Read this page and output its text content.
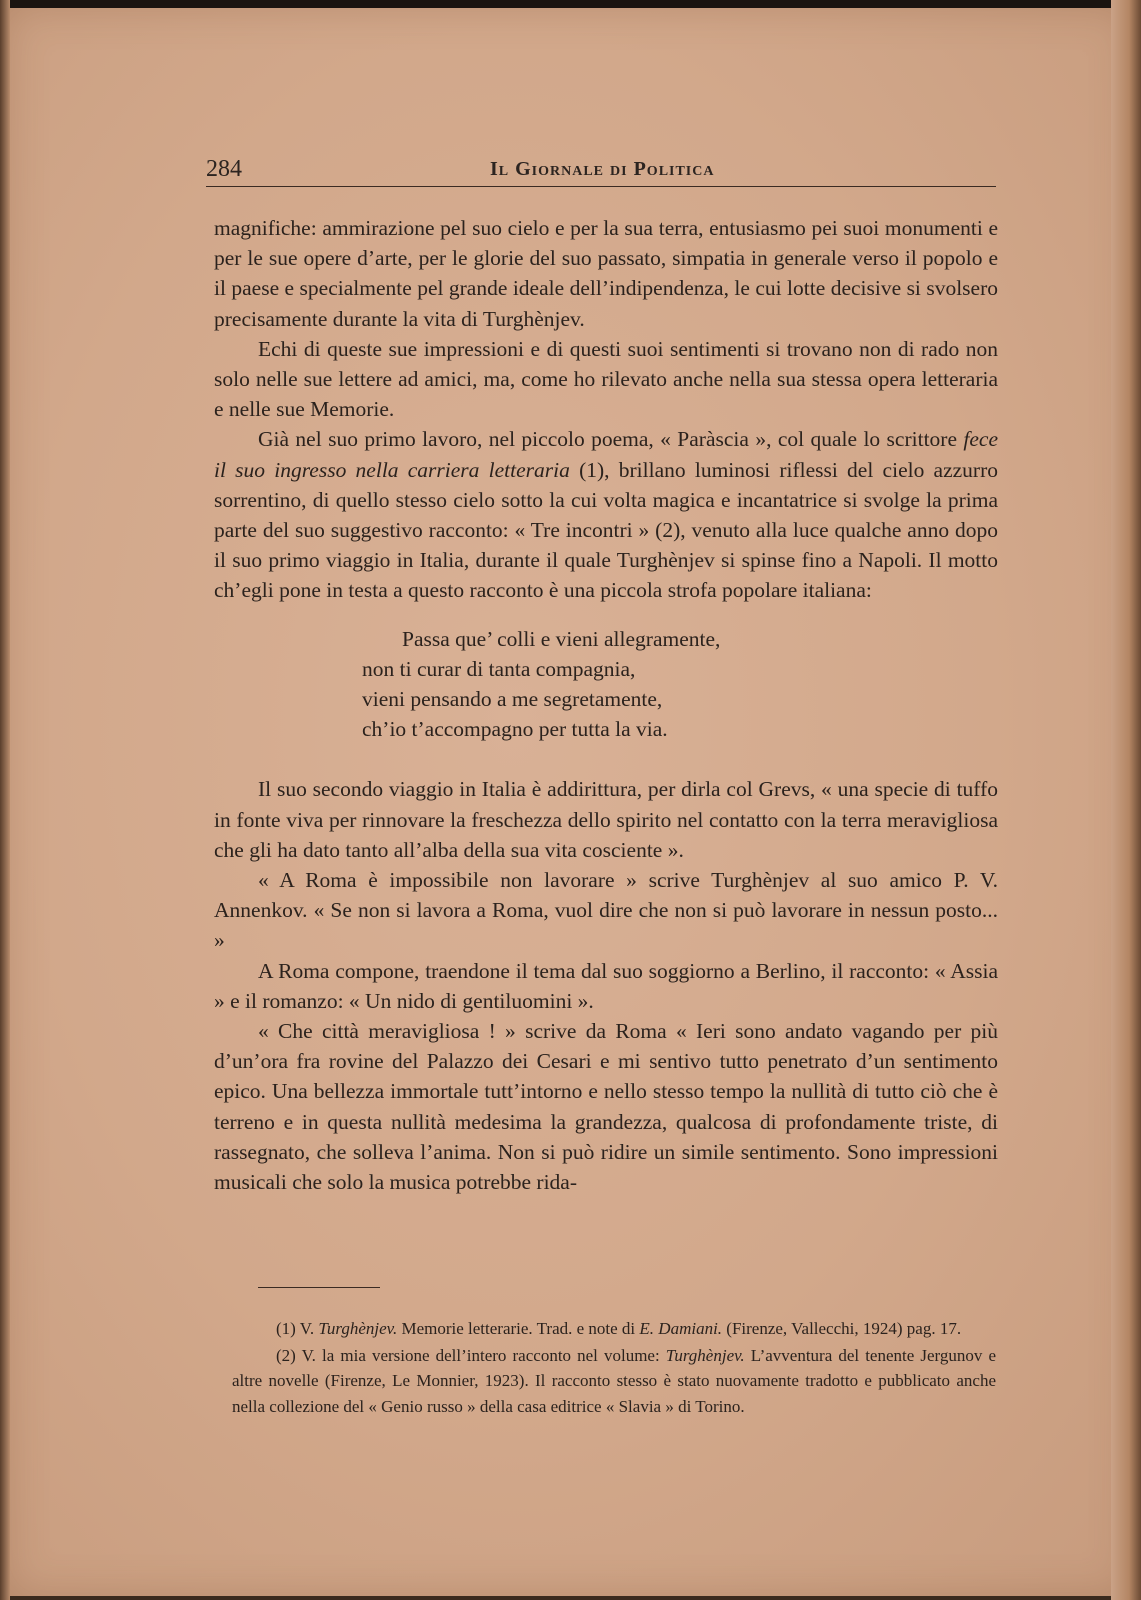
284	Il Giornale di Politica

magnifiche: ammirazione pel suo cielo e per la sua terra, entusiasmo pei suoi monumenti e per le sue opere d’arte, per le glorie del suo passato, simpatia in generale verso il popolo e il paese e specialmente pel grande ideale dell’indipendenza, le cui lotte decisive si svolsero precisamente durante la vita di Turghènjev.

Echi di queste sue impressioni e di questi suoi sentimenti si trovano non di rado non solo nelle sue lettere ad amici, ma, come ho rilevato anche nella sua stessa opera letteraria e nelle sue Memorie.

Già nel suo primo lavoro, nel piccolo poema, « Paràscia », col quale lo scrittore fece il suo ingresso nella carriera letteraria (1), brillano luminosi riflessi del cielo azzurro sorrentino, di quello stesso cielo sotto la cui volta magica e incantatrice si svolge la prima parte del suo suggestivo racconto: « Tre incontri » (2), venuto alla luce qualche anno dopo il suo primo viaggio in Italia, durante il quale Turghènjev si spinse fino a Napoli. Il motto ch’egli pone in testa a questo racconto è una piccola strofa popolare italiana:

Passa que’ colli e vieni allegramente,
non ti curar di tanta compagnia,
vieni pensando a me segretamente,
ch’io t’accompagno per tutta la via.

Il suo secondo viaggio in Italia è addirittura, per dirla col Grevs, « una specie di tuffo in fonte viva per rinnovare la freschezza dello spirito nel contatto con la terra meravigliosa che gli ha dato tanto all’alba della sua vita cosciente ».

« A Roma è impossibile non lavorare » scrive Turghènjev al suo amico P. V. Annenkov. « Se non si lavora a Roma, vuol dire che non si può lavorare in nessun posto... »

A Roma compone, traendone il tema dal suo soggiorno a Berlino, il racconto: « Assia » e il romanzo: « Un nido di gentiluomini ».

« Che città meravigliosa ! » scrive da Roma « Ieri sono andato vagando per più d’un’ora fra rovine del Palazzo dei Cesari e mi sentivo tutto penetrato d’un sentimento epico. Una bellezza immortale tutt’intorno e nello stesso tempo la nullità di tutto ciò che è terreno e in questa nullità medesima la grandezza, qualcosa di profondamente triste, di rassegnato, che solleva l’anima. Non si può ridire un simile sentimento. Sono impressioni musicali che solo la musica potrebbe rida-

(1) V. Turghènjev. Memorie letterarie. Trad. e note di E. Damiani. (Firenze, Vallecchi, 1924) pag. 17.

(2) V. la mia versione dell’intero racconto nel volume: Turghènjev. L’avventura del tenente Jergunov e altre novelle (Firenze, Le Monnier, 1923). Il racconto stesso è stato nuovamente tradotto e pubblicato anche nella collezione del « Genio russo » della casa editrice « Slavia » di Torino.
